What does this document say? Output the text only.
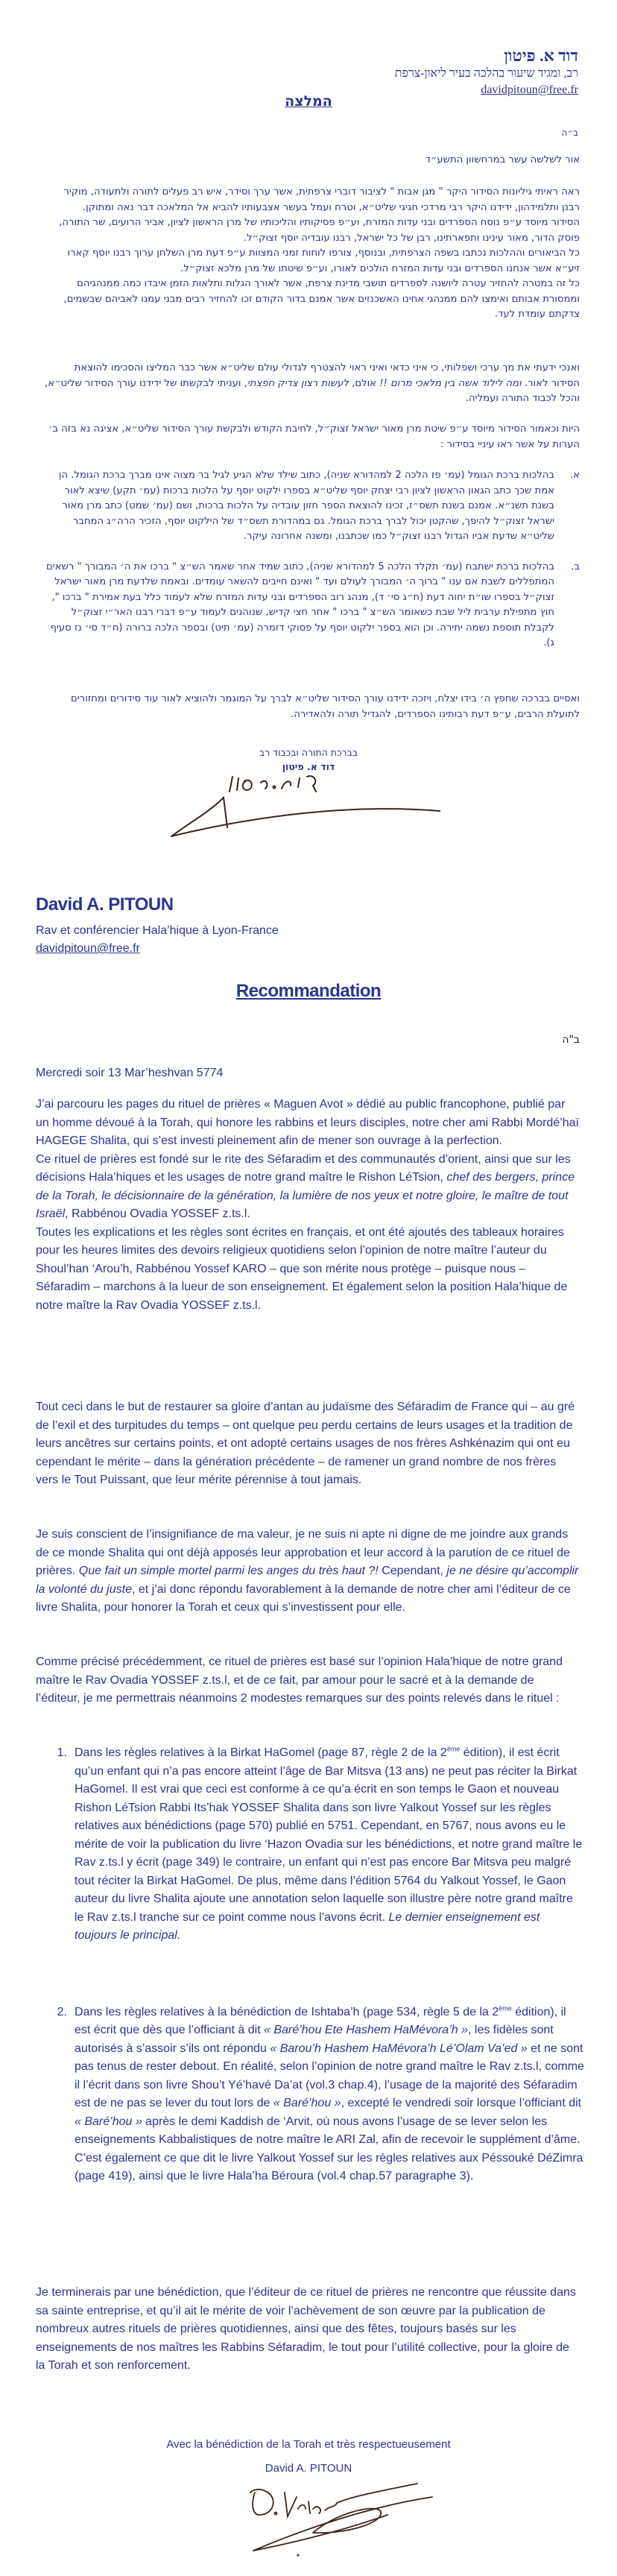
דוד א. פיטון
רב, ומגיד שיעור בהלכה בעיר ליאון-צרפת
davidpitoun@free.fr
המלצה
ב״ה
אור לשלשה עשר במרחשוון התשע״ד

ראה ראיתי גיליונות הסידור היקר " מגן אבות " לציבור דוברי צרפתית, אשר ערך וסידר, איש רב פעלים לתורה ולתעודה, מוקיר רבנן ותלמידהון, ידידנו היקר רבי מרדכי חגיגי שליט״א, וטרח ועמל בעשר אצבעותיו להביא אל המלאכה דבר נאה ומתוקן.

הסידור מיוסד ע״פ נוסח הספרדים ובני עדות המזרח, וע״פ פסיקותיו והליכותיו של מרן הראשון לציון, אביר הרועים, שר התורה, פוסק הדור, מאור עינינו ותפארתינו, רבן של כל ישראל, רבנו עובדיה יוסף זצוק״ל.

כל הביאורים וההלכות נכתבו בשפה הצרפתית, ובנוסף, צורפו לוחות זמני המצוות ע״פ דעת מרן השלחן ערוך רבנו יוסף קארו זיע״א אשר אנחנו הספרדים ובני עדות המזרח הולכים לאורו, וע״פ שיטתו של מרן מלכא זצוק״ל.

כל זה במטרה להחזיר עטרה ליושנה לספרדים תושבי מדינת צרפת, אשר לאורך הגלות ותלאות הזמן איבדו כמה ממנהגיהם וממסורת אבותם ואימצו להם ממנהגי אחינו האשכנזים אשר אמנם בדור הקודם זכו להחזיר רבים מבני עמנו לאביהם שבשמים, צדקתם עומדת לעד.

ואנכי ידעתי את מך ערכי ושפלותי, כי איני כדאי ואיני ראוי להצטרף לגדולי עולם שליט״א אשר כבר המליצו והסכימו להוצאת הסידור לאור. ומה לילוד אשה בין מלאכי מרום !! אולם, לעשות רצון צדיק חפצתי, ועניתי לבקשתו של ידידנו עורך הסידור שליט״א, והכל לכבוד התורה ועמליה.
היות וכאמור הסידור מיוסד ע״פ שיטת מרן מאור ישראל זצוק״ל, לחיבת הקודש ולבקשת עורך הסידור שליט״א, אציגה נא בזה ב׳ הערות על אשר ראו עיניי בסידור :
א.
בהלכות ברכת הגומל (עמ׳ פז הלכה 2 למהדורא שניה), כתוב שילד שלא הגיע לגיל בר מצוה אינו מברך ברכת הגומל. הן אמת שכך כתב הגאון הראשון לציון רבי יצחק יוסף שליט״א בספרו ילקוט יוסף על הלכות ברכות (עמ׳ תקע) שיצא לאור בשנת תשנ״א. אמנם בשנת תשס״ז, זכינו להוצאת הספר חזון עובדיה על הלכות ברכות, ושם (עמ׳ שמט) כתב מרן מאור ישראל זצוק״ל להיפך, שהקטן יכול לברך ברכת הגומל. גם במהדורת תשס״ד של הילקוט יוסף, הזכיר הרה״ג המחבר שליט״א שדעת אביו הגדול רבנו זצוק״ל כמו שכתבנו, ומשנה אחרונה עיקר.
ב.
בהלכות ברכת ישתבח (עמ׳ תקלד הלכה 5 למהדורא שניה), כתוב שמיד אחר שאמר הש״צ " ברכו את ה׳ המבורך " רשאים המתפללים לשבת אם ענו " ברוך ה׳ המבורך לעולם ועד " ואינם חייבים להשאר עומדים. ובאמת שלדעת מרן מאור ישראל זצוק״ל בספרו שו״ת יחוה דעת (ח״ג סי׳ ד), מנהג רוב הספרדים ובני עדות המזרח שלא לעמוד כלל בעת אמירת " ברכו ", חוץ מתפילת ערבית ליל שבת כשאומר הש״צ " ברכו " אחר חצי קדיש, שנוהגים לעמוד ע״פ דברי רבנו האר״י זצוק״ל לקבלת תוספת נשמה יתירה. וכן הוא בספר ילקוט יוסף על פסוקי דזמרה (עמ׳ תיט) ובספר הלכה ברורה (ח״ד סי׳ נז סעיף ג).
ואסיים בברכה שחפץ ה׳ בידו יצלח, ויזכה ידידנו עורך הסידור שליט״א לברך על המוגמר ולהוציא לאור עוד סידורים ומחזורים לתועלת הרבים, ע״פ דעת רבותינו הספרדים, להגדיל תורה ולהאדירה.
בברכת התורה ובכבוד רב
דוד א. פיטון
David A. PITOUN
Rav et conférencier Hala’hique à Lyon-France
davidpitoun@free.fr
Recommandation
ב"ה
Mercredi soir 13 Mar’heshvan 5774

J’ai parcouru les pages du rituel de prières « Maguen Avot » dédié au public francophone, publié par un homme dévoué à la Torah, qui honore les rabbins et leurs disciples, notre cher ami Rabbi Mordé’haï HAGEGE Shalita, qui s’est investi pleinement afin de mener son ouvrage à la perfection.

Ce rituel de prières est fondé sur le rite des Séfaradim et des communautés d’orient, ainsi que sur les décisions Hala’hiques et les usages de notre grand maître le Rishon LéTsion, chef des bergers, prince de la Torah, le décisionnaire de la génération, la lumière de nos yeux et notre gloire, le maître de tout Israël, Rabbénou Ovadia YOSSEF z.ts.l.

Toutes les explications et les règles sont écrites en français, et ont été ajoutés des tableaux horaires pour les heures limites des devoirs religieux quotidiens selon l’opinion de notre maître l’auteur du Shoul’han ‘Arou’h, Rabbénou Yossef KARO – que son mérite nous protège – puisque nous – Séfaradim – marchons à la lueur de son enseignement. Et également selon la position Hala’hique de notre maître la Rav Ovadia YOSSEF z.ts.l.

Tout ceci dans le but de restaurer sa gloire d’antan au judaïsme des Séfaradim de France qui – au gré de l’exil et des turpitudes du temps – ont quelque peu perdu certains de leurs usages et la tradition de leurs ancêtres sur certains points, et ont adopté certains usages de nos frères Ashkénazim qui ont eu cependant le mérite – dans la génération précédente – de ramener un grand nombre de nos frères vers le Tout Puissant, que leur mérite pérennise à tout jamais.
Je suis conscient de l’insignifiance de ma valeur, je ne suis ni apte ni digne de me joindre aux grands de ce monde Shalita qui ont déjà apposés leur approbation et leur accord à la parution de ce rituel de prières. Que fait un simple mortel parmi les anges du très haut ?! Cependant, je ne désire qu’accomplir la volonté du juste, et j’ai donc répondu favorablement à la demande de notre cher ami l’éditeur de ce livre Shalita, pour honorer la Torah et ceux qui s’investissent pour elle.
Comme précisé précédemment, ce rituel de prières est basé sur l’opinion Hala’hique de notre grand maître le Rav Ovadia YOSSEF z.ts.l, et de ce fait, par amour pour le sacré et à la demande de l’éditeur, je me permettrais néanmoins 2 modestes remarques sur des points relevés dans le rituel :
1. Dans les règles relatives à la Birkat HaGomel (page 87, règle 2 de la 2ème édition), il est écrit qu’un enfant qui n’a pas encore atteint l’âge de Bar Mitsva (13 ans) ne peut pas réciter la Birkat HaGomel. Il est vrai que ceci est conforme à ce qu’a écrit en son temps le Gaon et nouveau Rishon LéTsion Rabbi Its’hak YOSSEF Shalita dans son livre Yalkout Yossef sur les règles relatives aux bénédictions (page 570) publié en 5751. Cependant, en 5767, nous avons eu le mérite de voir la publication du livre ‘Hazon Ovadia sur les bénédictions, et notre grand maître le Rav z.ts.l y écrit (page 349) le contraire, un enfant qui n’est pas encore Bar Mitsva peu malgré tout réciter la Birkat HaGomel. De plus, même dans l’édition 5764 du Yalkout Yossef, le Gaon auteur du livre Shalita ajoute une annotation selon laquelle son illustre père notre grand maître le Rav z.ts.l tranche sur ce point comme nous l’avons écrit. Le dernier enseignement est toujours le principal.
2. Dans les règles relatives à la bénédiction de Ishtaba’h (page 534, règle 5 de la 2ème édition), il est écrit que dès que l’officiant à dit « Baré’hou Ete Hashem HaMévora’h », les fidèles sont autorisés à s’assoir s’ils ont répondu « Barou’h Hashem HaMévora’h Lé’Olam Va’ed » et ne sont pas tenus de rester debout. En réalité, selon l’opinion de notre grand maître le Rav z.ts.l, comme il l’écrit dans son livre Shou’t Yé’havé Da’at (vol.3 chap.4), l’usage de la majorité des Séfaradim est de ne pas se lever du tout lors de « Baré’hou », excepté le vendredi soir lorsque l’officiant dit « Baré’hou » après le demi Kaddish de ‘Arvit, où nous avons l’usage de se lever selon les enseignements Kabbalistiques de notre maître le ARI Zal, afin de recevoir le supplément d’âme. C’est également ce que dit le livre Yalkout Yossef sur les règles relatives aux Péssouké DéZimra (page 419), ainsi que le livre Hala’ha Béroura (vol.4 chap.57 paragraphe 3).
Je terminerais par une bénédiction, que l’éditeur de ce rituel de prières ne rencontre que réussite dans sa sainte entreprise, et qu’il ait le mérite de voir l’achèvement de son œuvre par la publication de nombreux autres rituels de prières quotidiennes, ainsi que des fêtes, toujours basés sur les enseignements de nos maîtres les Rabbins Séfaradim, le tout pour l’utilité collective, pour la gloire de la Torah et son renforcement.
Avec la bénédiction de la Torah et très respectueusement
David A. PITOUN
